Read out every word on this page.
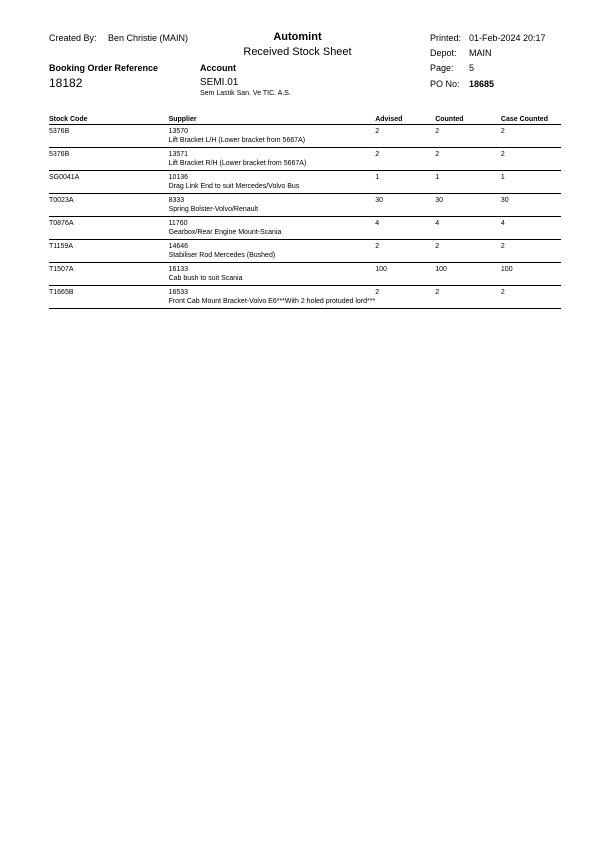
Created By: Ben Christie (MAIN)	Automint
Received Stock Sheet
Printed: 01-Feb-2024 20:17
Depot: MAIN
Page: 5
PO No: 18685
Booking Order Reference
18182
Account
SEMI.01
Sem Lastik San. Ve TIC. A.S.
Stock Code	Supplier	Advised	Counted	Case Counted
5376B	13570
Lift Bracket L/H (Lower bracket from 5667A)	2	2	2
5376B	13571
Lift Bracket R/H (Lower bracket from 5667A)	2	2	2
SG0041A	10136
Drag Link End to suit Mercedes/Volvo Bus	1	1	1
T0023A	8333
Spring Bolster-Volvo/Renault	30	30	30
T0876A	11760
Gearbox/Rear Engine Mount-Scania	4	4	4
T1159A	14646
Stabiliser Rod Mercedes (Bushed)	2	2	2
T1507A	16133
Cab bush to suit Scania	100	100	100
T1665B	16533
Front Cab Mount Bracket-Volvo E6***With 2 holed protuded lord***	2	2	2
